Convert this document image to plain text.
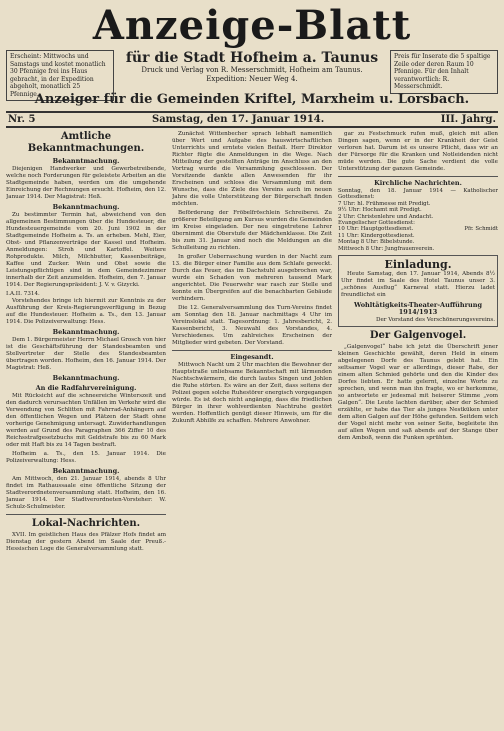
Anzeige-Blatt
Erscheint: Mittwochs und Samstags und kostet monatlich 30 Pfennige frei ins Haus gebracht, in der Expedition abgeholt, monatlich 25 Pfennige.
für die Stadt Hofheim a. Taunus
Druck und Verlag von R. Messerschmidt, Hofheim am Taunus.
Expedition: Neuer Weg 4.
Preis für Inserate die 5 spaltige Zeile oder deren Raum 10 Pfennige. Für den Inhalt verantwortlich: R. Messerschmidt.
Anzeiger für die Gemeinden Kriftel, Marxheim u. Lorsbach.
Nr. 5	Samstag, den 17. Januar 1914.	III. Jahrg.
Amtliche Bekanntmachungen.
Bekanntmachung.

Diejenigen Handwerker und Gewerbetreibende, welche noch Forderungen für geleistete Arbeiten an die Stadtgemeinde haben, werden um die umgehende Einreichung der Rechnungen ersucht. Hofheim, den 12. Januar 1914. Der Magistrat: Heß.

Bekanntmachung.

Zu bestimmter Termin hat, abweichend von den allgemeinen Bestimmungen über die Hundesteuer, die Hundesteuergemeinde vom 20. Juni 1902 in der Stadtgemeinde Hofheim a. Ts. an erheben. Mehl, Eier, Obst- und Pflanzenverträge der Kassel und Hofheim. Anmeldungen: Stroh und Kartoffel. Weitere Rohprodukte. Milch, Milchbutter, Kassenbeiträge, Kaffee und Zucker. Wein und Obst sowie die Leistungspflichtigen sind in dem Gemeindezimmer innerhalb der Zeit anzumelden. Hofheim, den 7. Januar 1914. Der Regierungspräsident: J. V. v. Gizycki.

I.A.II. 7314.

Vorstehendes bringe ich hiermit zur Kenntnis zu der Ausführung der Kreis-Regierungsverfügung in Bezug auf die Hundesteuer. Hofheim a. Ts., den 13. Januar 1914. Die Polizeiverwaltung: Hess.

Bekanntmachung.

Dem 1. Bürgermeister Herrn Michael Grosch von hier ist die Geschäftsführung der Standesbeamten und Stellvertreter der Stelle des Standesbeamten übertragen worden. Hofheim, den 16. Januar 1914. Der Magistrat: Heß.

Bekanntmachung.
An die Radfahrvereinigung.

Mit Rücksicht auf die schneereiche Winterszeit und den dadurch verursachten Unfällen im Verkehr wird die Verwendung von Schlitten mit Fahrrad-Anhängern auf den öffentlichen Wegen und Plätzen der Stadt ohne vorherige Genehmigung untersagt. Zuwiderhandlungen werden auf Grund des Paragraphen 366 Ziffer 10 des Reichsstrafgesetzbuchs mit Geldstrafe bis zu 60 Mark oder mit Haft bis zu 14 Tagen bestraft.

Hofheim a. Ts., den 15. Januar 1914. Die Polizeiverwaltung: Hess.

Bekanntmachung.

Am Mittwoch, den 21. Januar 1914, abends 8 Uhr findet im Rathaussaale eine öffentliche Sitzung der Stadtverordnetenversammlung statt. Hofheim, den 16. Januar 1914. Der Stadtverordneten-Vorsteher: W. Schulz-Schulmeister.

Lokal-Nachrichten.

XVII. Im geistlichen Haus des Pfälzer Hofs findet am Dienstag der gestern Abend im Saale der Preuß.-Hessischen Loge die Generalversammlung statt.

Zunächst Wittenbecher sprach lebhaft namentlich über Wert und Aufgabe des hauswirtschaftlichen Unterrichts und erntete vielen Beifall. Herr Direktor Richter fügte die Anmeldungen in die Wege. Nach Mitteilung der gestellten Anträge im Anschluss an den Vortrag wurde die Versammlung geschlossen. Der Vorsitzende dankte allen Anwesenden für ihr Erscheinen und schloss die Versammlung mit dem Wunsche, dass die Ziele des Vereins auch im neuen Jahre die volle Unterstützung der Bürgerschaft finden möchten.

Beförderung der Fröbelfröschlein Schreiberei. Zu größerer Beteiligung am Kursus wurden die Gemeinden im Kreise eingeladen. Der neu eingetretene Lehrer übernimmt die Oberstufe der Mädchenklasse. Die Zeit bis zum 31. Januar sind noch die Meldungen an die Schulleitung zu richten.

In großer Ueberraschung wurden in der Nacht zum 13. die Bürger einer Familie aus dem Schlafe geweckt. Durch das Feuer, das im Dachstuhl ausgebrochen war, wurde ein Schaden von mehreren tausend Mark angerichtet. Die Feuerwehr war rasch zur Stelle und konnte ein Übergreifen auf die benachbarten Gebäude verhindern.

Die 12. Generalversammlung des Turn-Vereins findet am Sonntag den 18. Januar nachmittags 4 Uhr im Vereinslokal statt. Tagesordnung: 1. Jahresbericht, 2. Kassenbericht, 3. Neuwahl des Vorstandes, 4. Verschiedenes. Um zahlreiches Erscheinen der Mitglieder wird gebeten. Der Vorstand.

Eingesandt.

Mittwoch Nacht um 2 Uhr machten die Bewohner der Hauptstraße unliebsame Bekanntschaft mit lärmenden Nachtschwärmern, die durch lautes Singen und Johlen die Ruhe störten. Es wäre an der Zeit, dass seitens der Polizei gegen solche Ruhestörer energisch vorgegangen würde. Es ist doch nicht angängig, dass die friedlichen Bürger in ihrer wohlverdienten Nachtruhe gestört werden. Hoffentlich genügt dieser Hinweis, um für die Zukunft Abhilfe zu schaffen. Mehrere Anwohner.

gar zu Festschmuck rufen muß, gleich mit allen Dingen sagen, wenn er in der Krankheit der Geist verloren hat. Darum ist es unsere Pflicht, dass wir an der Fürsorge für die Kranken und Notleidenden nicht müde werden. Die gute Sache verdient die volle Unterstützung der ganzen Gemeinde.

Kirchliche Nachrichten.
Sonntag, den 18. Januar 1914 — Katholischer Gottesdienst:
7 Uhr: hl. Frühmesse mit Predigt.
9½ Uhr: Hochamt mit Predigt.
2 Uhr: Christenlehre und Andacht.
Evangelischer Gottesdienst:
10 Uhr: Hauptgottesdienst.	Pfr. Schmidt
11 Uhr: Kindergottesdienst.
Montag 8 Uhr: Bibelstunde.
Mittwoch 8 Uhr: Jungfrauenverein.
Einladung.

Heute Samstag, den 17. Januar 1914, Abends 8½ Uhr findet im Saale des Hotel Taunus unser 3. „schönes Ausflug“ Karneval statt. Hierzu ladet freundlichst ein

Wohltätigkeits-Theater-Aufführung 1914/1913
Der Vorstand des Verschönerungsvereins.
Der Galgenvogel.

„Galgenvogel“ habe ich jetzt die Überschrift jener kleinen Geschichte gewählt, deren Held in einem abgelegenen Dorfe des Taunus gelebt hat. Ein seltsamer Vogel war er allerdings, dieser Rabe, der einem alten Schmied gehörte und den die Kinder des Dorfes liebten. Er hatte gelernt, einzelne Worte zu sprechen, und wenn man ihn fragte, wo er herkomme, so antwortete er jedesmal mit heiserer Stimme „vom Galgen“. Die Leute lachten darüber, aber der Schmied erzählte, er habe das Tier als junges Nestküken unter dem alten Galgen auf der Höhe gefunden. Seitdem wich der Vogel nicht mehr von seiner Seite, begleitete ihn auf allen Wegen und saß abends auf der Stange über dem Amboß, wenn die Funken sprühten.
